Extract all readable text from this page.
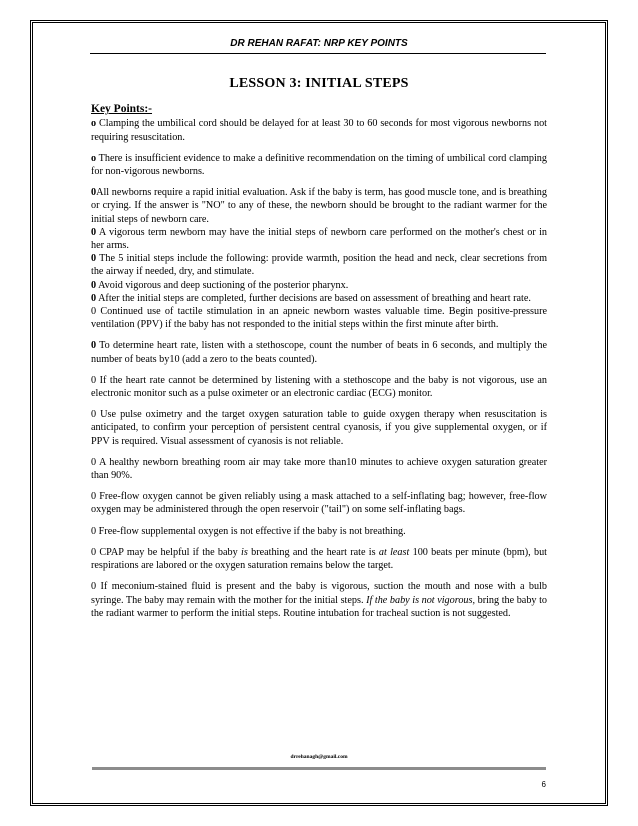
DR REHAN RAFAT: NRP KEY POINTS
LESSON 3: INITIAL STEPS
Key Points:-

o Clamping the umbilical cord should be delayed for at least 30 to 60 seconds for most vigorous newborns not requiring resuscitation.

o There is insufficient evidence to make a definitive recommendation on the timing of umbilical cord clamping for non-vigorous newborns.

0All newborns require a rapid initial evaluation. Ask if the baby is term, has good muscle tone, and is breathing or crying. If the answer is "NO" to any of these, the newborn should be brought to the radiant warmer for the initial steps of newborn care.

0 A vigorous term newborn may have the initial steps of newborn care performed on the mother's chest or in her arms.

0 The 5 initial steps include the following: provide warmth, position the head and neck, clear secretions from the airway if needed, dry, and stimulate.

0 Avoid vigorous and deep suctioning of the posterior pharynx.

0 After the initial steps are completed, further decisions are based on assessment of breathing and heart rate.

0 Continued use of tactile stimulation in an apneic newborn wastes valuable time. Begin positive-pressure ventilation (PPV) if the baby has not responded to the initial steps within the first minute after birth.

0 To determine heart rate, listen with a stethoscope, count the number of beats in 6 seconds, and multiply the number of beats by10 (add a zero to the beats counted).

0 If the heart rate cannot be determined by listening with a stethoscope and the baby is not vigorous, use an electronic monitor such as a pulse oximeter or an electronic cardiac (ECG) monitor.

0 Use pulse oximetry and the target oxygen saturation table to guide oxygen therapy when resuscitation is anticipated, to confirm your perception of persistent central cyanosis, if you give supplemental oxygen, or if PPV is required. Visual assessment of cyanosis is not reliable.

0 A healthy newborn breathing room air may take more than10 minutes to achieve oxygen saturation greater than 90%.

0 Free-flow oxygen cannot be given reliably using a mask attached to a self-inflating bag; however, free-flow oxygen may be administered through the open reservoir ("tail") on some self-inflating bags.

0 Free-flow supplemental oxygen is not effective if the baby is not breathing.

0 CPAP may be helpful if the baby is breathing and the heart rate is at least 100 beats per minute (bpm), but respirations are labored or the oxygen saturation remains below the target.

0 If meconium-stained fluid is present and the baby is vigorous, suction the mouth and nose with a bulb syringe. The baby may remain with the mother for the initial steps. If the baby is not vigorous, bring the baby to the radiant warmer to perform the initial steps. Routine intubation for tracheal suction is not suggested.

drrehanagh@gmail.com
6
